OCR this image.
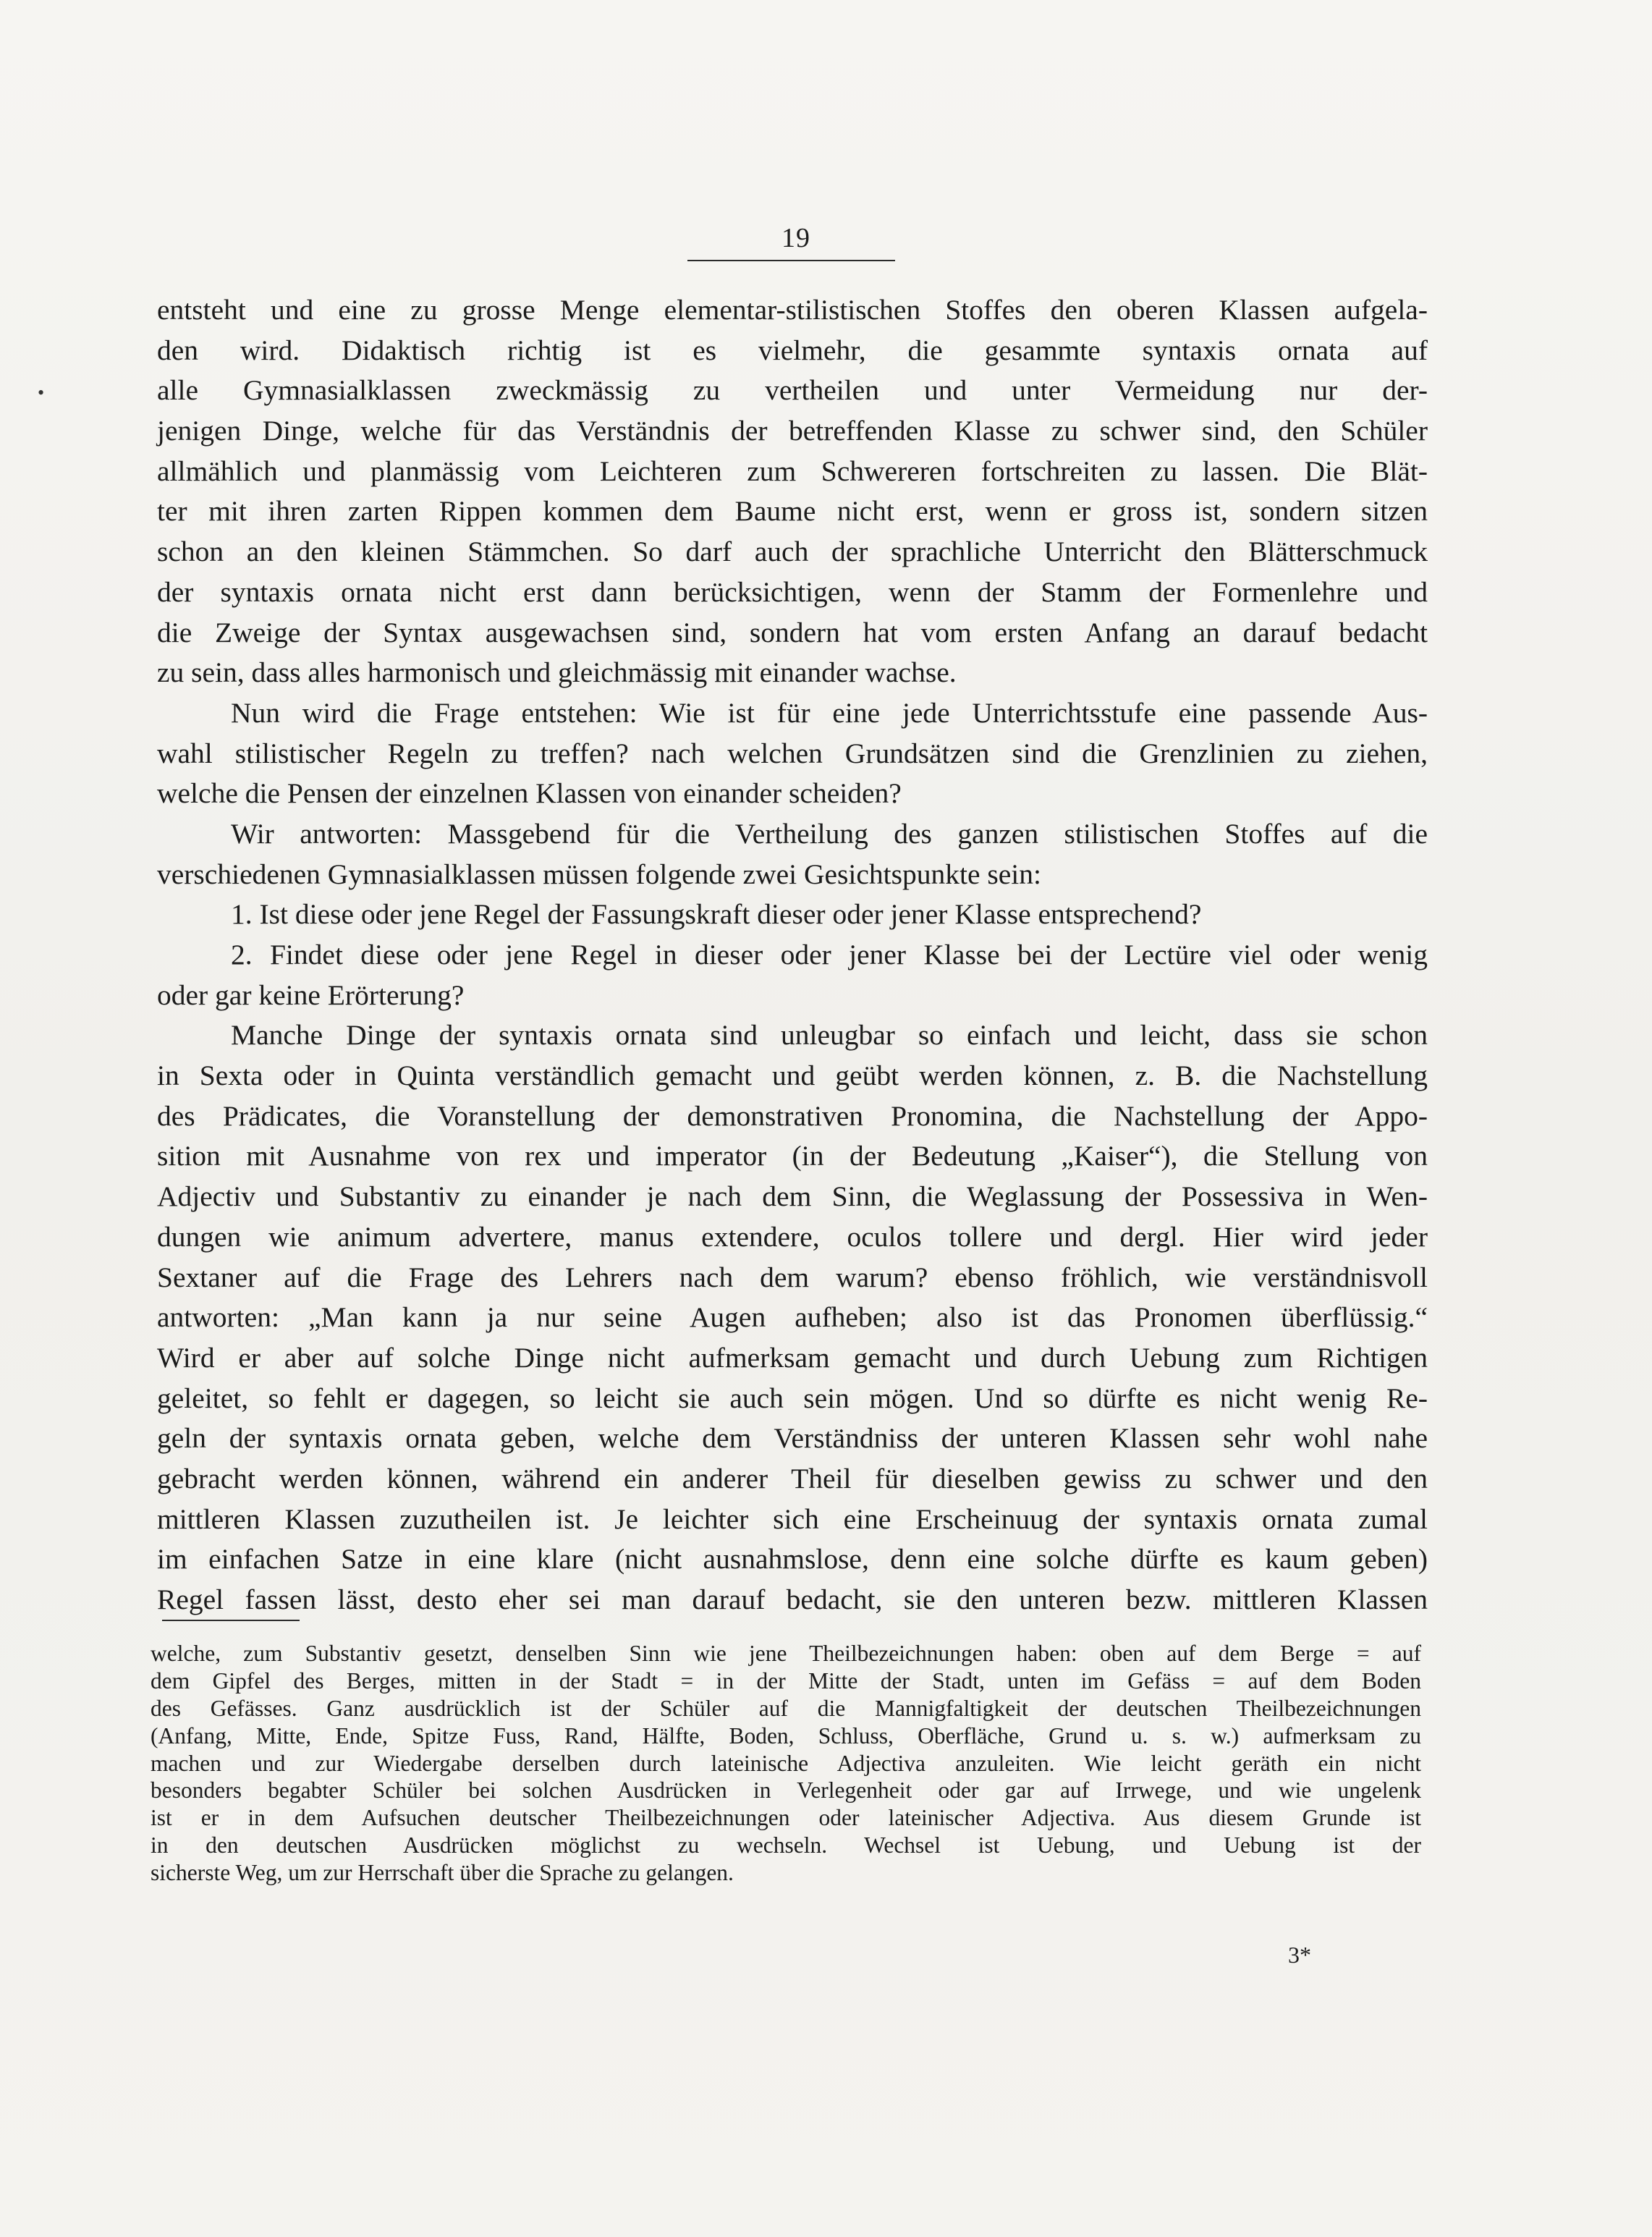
19
•
entsteht und eine zu grosse Menge elementar-stilistischen Stoffes den oberen Klassen aufgela-
den wird. Didaktisch richtig ist es vielmehr, die gesammte syntaxis ornata auf
alle Gymnasialklassen zweckmässig zu vertheilen und unter Vermeidung nur der-
jenigen Dinge, welche für das Verständnis der betreffenden Klasse zu schwer sind, den Schüler
allmählich und planmässig vom Leichteren zum Schwereren fortschreiten zu lassen. Die Blät-
ter mit ihren zarten Rippen kommen dem Baume nicht erst, wenn er gross ist, sondern sitzen
schon an den kleinen Stämmchen. So darf auch der sprachliche Unterricht den Blätterschmuck
der syntaxis ornata nicht erst dann berücksichtigen, wenn der Stamm der Formenlehre und
die Zweige der Syntax ausgewachsen sind, sondern hat vom ersten Anfang an darauf bedacht
zu sein, dass alles harmonisch und gleichmässig mit einander wachse.
Nun wird die Frage entstehen: Wie ist für eine jede Unterrichtsstufe eine passende Aus-
wahl stilistischer Regeln zu treffen? nach welchen Grundsätzen sind die Grenzlinien zu ziehen,
welche die Pensen der einzelnen Klassen von einander scheiden?
Wir antworten: Massgebend für die Vertheilung des ganzen stilistischen Stoffes auf die
verschiedenen Gymnasialklassen müssen folgende zwei Gesichtspunkte sein:
1. Ist diese oder jene Regel der Fassungskraft dieser oder jener Klasse entsprechend?
2. Findet diese oder jene Regel in dieser oder jener Klasse bei der Lectüre viel oder wenig
oder gar keine Erörterung?
Manche Dinge der syntaxis ornata sind unleugbar so einfach und leicht, dass sie schon
in Sexta oder in Quinta verständlich gemacht und geübt werden können, z. B. die Nachstellung
des Prädicates, die Voranstellung der demonstrativen Pronomina, die Nachstellung der Appo-
sition mit Ausnahme von rex und imperator (in der Bedeutung „Kaiser“), die Stellung von
Adjectiv und Substantiv zu einander je nach dem Sinn, die Weglassung der Possessiva in Wen-
dungen wie animum advertere, manus extendere, oculos tollere und dergl. Hier wird jeder
Sextaner auf die Frage des Lehrers nach dem warum? ebenso fröhlich, wie verständnisvoll
antworten: „Man kann ja nur seine Augen aufheben; also ist das Pronomen überflüssig.“
Wird er aber auf solche Dinge nicht aufmerksam gemacht und durch Uebung zum Richtigen
geleitet, so fehlt er dagegen, so leicht sie auch sein mögen. Und so dürfte es nicht wenig Re-
geln der syntaxis ornata geben, welche dem Verständniss der unteren Klassen sehr wohl nahe
gebracht werden können, während ein anderer Theil für dieselben gewiss zu schwer und den
mittleren Klassen zuzutheilen ist. Je leichter sich eine Erscheinuug der syntaxis ornata zumal
im einfachen Satze in eine klare (nicht ausnahmslose, denn eine solche dürfte es kaum geben)
Regel fassen lässt, desto eher sei man darauf bedacht, sie den unteren bezw. mittleren Klassen
welche, zum Substantiv gesetzt, denselben Sinn wie jene Theilbezeichnungen haben: oben auf dem Berge = auf
dem Gipfel des Berges, mitten in der Stadt = in der Mitte der Stadt, unten im Gefäss = auf dem Boden
des Gefässes. Ganz ausdrücklich ist der Schüler auf die Mannigfaltigkeit der deutschen Theilbezeichnungen
(Anfang, Mitte, Ende, Spitze Fuss, Rand, Hälfte, Boden, Schluss, Oberfläche, Grund u. s. w.) aufmerksam zu
machen und zur Wiedergabe derselben durch lateinische Adjectiva anzuleiten. Wie leicht geräth ein nicht
besonders begabter Schüler bei solchen Ausdrücken in Verlegenheit oder gar auf Irrwege, und wie ungelenk
ist er in dem Aufsuchen deutscher Theilbezeichnungen oder lateinischer Adjectiva. Aus diesem Grunde ist
in den deutschen Ausdrücken möglichst zu wechseln. Wechsel ist Uebung, und Uebung ist der
sicherste Weg, um zur Herrschaft über die Sprache zu gelangen.
3*
